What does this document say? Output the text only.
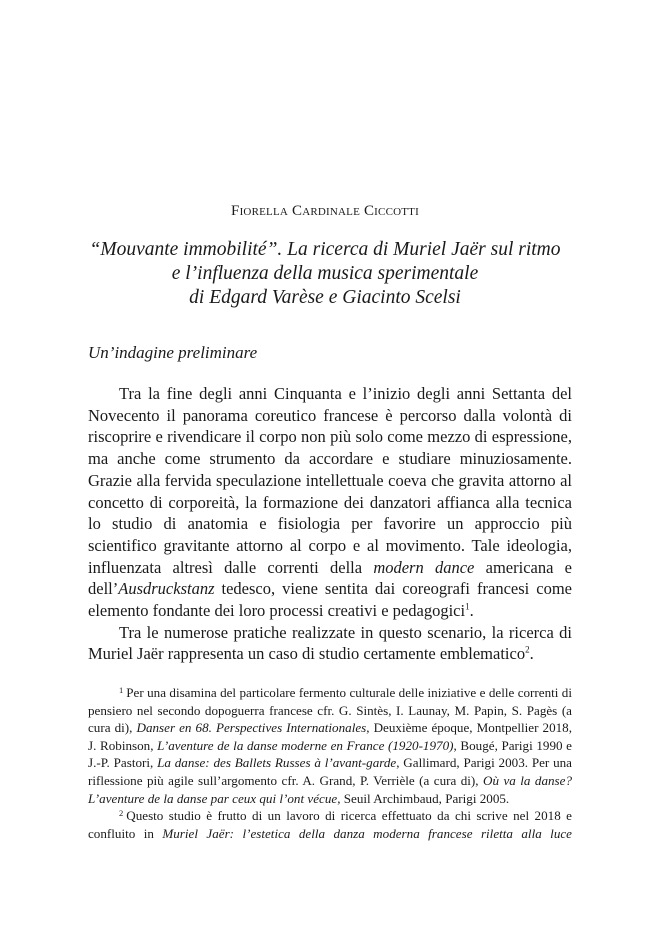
Fiorella Cardinale Ciccotti
“Mouvante immobilité”. La ricerca di Muriel Jaër sul ritmo
e l’influenza della musica sperimentale
di Edgard Varèse e Giacinto Scelsi
Un’indagine preliminare

Tra la fine degli anni Cinquanta e l’inizio degli anni Settanta del Novecento il panorama coreutico francese è percorso dalla volontà di riscoprire e rivendicare il corpo non più solo come mezzo di espressione, ma anche come strumento da accordare e studiare minuziosamente. Grazie alla fervida speculazione intellettuale coeva che gravita attorno al concetto di corporeità, la formazione dei danzatori affianca alla tecnica lo studio di anatomia e fisiologia per favorire un approccio più scientifico gravitante attorno al corpo e al movimento. Tale ideologia, influenzata altresì dalle correnti della modern dance americana e dell’Ausdruckstanz tedesco, viene sentita dai coreografi francesi come elemento fondante dei loro processi creativi e pedagogici$^1$.

Tra le numerose pratiche realizzate in questo scenario, la ricerca di Muriel Jaër rappresenta un caso di studio certamente emblematico$^2$.

$^1$ Per una disamina del particolare fermento culturale delle iniziative e delle correnti di pensiero nel secondo dopoguerra francese cfr. G. Sintès, I. Launay, M. Papin, S. Pagès (a cura di), Danser en 68. Perspectives Internationales, Deuxième époque, Montpellier 2018, J. Robinson, L’aventure de la danse moderne en France (1920-1970), Bougé, Parigi 1990 e J.-P. Pastori, La danse: des Ballets Russes à l’avant-garde, Gallimard, Parigi 2003. Per una riflessione più agile sull’argomento cfr. A. Grand, P. Verrièle (a cura di), Où va la danse? L’aventure de la danse par ceux qui l’ont vécue, Seuil Archimbaud, Parigi 2005.

$^2$ Questo studio è frutto di un lavoro di ricerca effettuato da chi scrive nel 2018 e confluito in Muriel Jaër: l’estetica della danza moderna francese riletta alla luce
